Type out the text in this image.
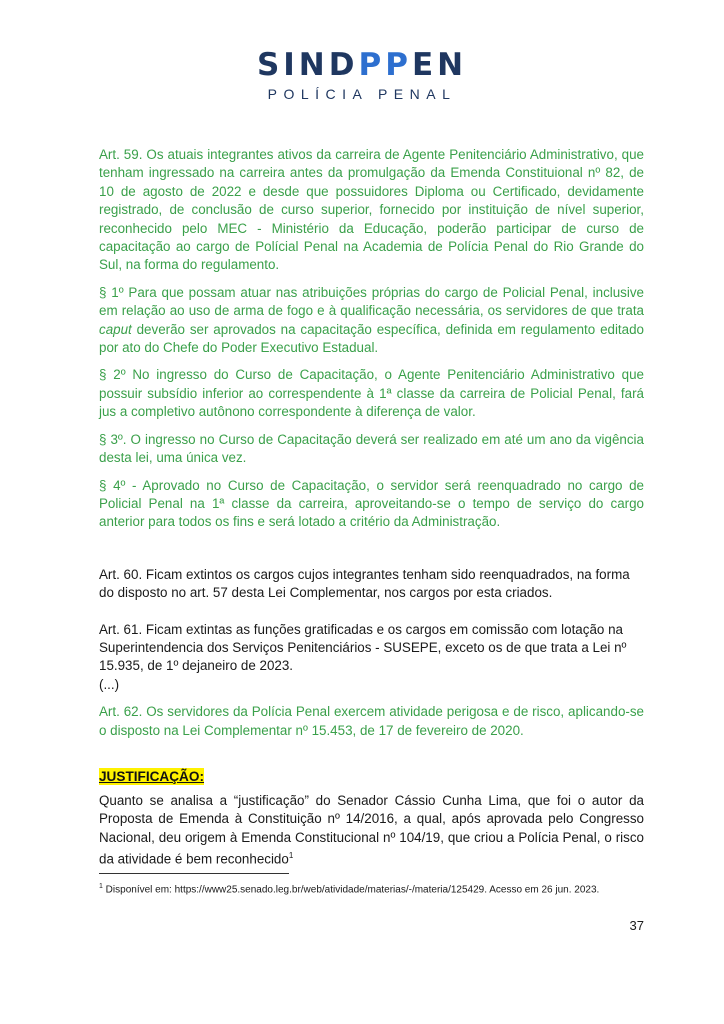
SINDPPEN
POLÍCIA PENAL

Art. 59. Os atuais integrantes ativos da carreira de Agente Penitenciário Administrativo, que tenham ingressado na carreira antes da promulgação da Emenda Constituional nº 82, de 10 de agosto de 2022 e desde que possuidores Diploma ou Certificado, devidamente registrado, de conclusão de curso superior, fornecido por instituição de nível superior, reconhecido pelo MEC - Ministério da Educação, poderão participar de curso de capacitação ao cargo de Polícial Penal na Academia de Polícia Penal do Rio Grande do Sul, na forma do regulamento.

§ 1º Para que possam atuar nas atribuições próprias do cargo de Policial Penal, inclusive em relação ao uso de arma de fogo e à qualificação necessária, os servidores de que trata caput deverão ser aprovados na capacitação específica, definida em regulamento editado por ato do Chefe do Poder Executivo Estadual.

§ 2º No ingresso do Curso de Capacitação, o Agente Penitenciário Administrativo que possuir subsídio inferior ao correspendente à 1ª classe da carreira de Policial Penal, fará jus a completivo autônono correspondente à diferença de valor.

§ 3º. O ingresso no Curso de Capacitação deverá ser realizado em até um ano da vigência desta lei, uma única vez.

§ 4º - Aprovado no Curso de Capacitação, o servidor será reenquadrado no cargo de Policial Penal na 1ª classe da carreira, aproveitando-se o tempo de serviço do cargo anterior para todos os fins e será lotado a critério da Administração.

Art. 60. Ficam extintos os cargos cujos integrantes tenham sido reenquadrados, na forma do disposto no art. 57 desta Lei Complementar, nos cargos por esta criados.

Art. 61. Ficam extintas as funções gratificadas e os cargos em comissão com lotação na Superintendencia dos Serviços Penitenciários - SUSEPE, exceto os de que trata a Lei nº 15.935, de 1º dejaneiro de 2023.

(...)

Art. 62. Os servidores da Polícia Penal exercem atividade perigosa e de risco, aplicando-se o disposto na Lei Complementar nº 15.453, de 17 de fevereiro de 2020.

JUSTIFICAÇÃO:

Quanto se analisa a “justificação” do Senador Cássio Cunha Lima, que foi o autor da Proposta de Emenda à Constituição nº 14/2016, a qual, após aprovada pelo Congresso Nacional, deu origem à Emenda Constitucional nº 104/19, que criou a Polícia Penal, o risco da atividade é bem reconhecido$^1$

$^1$ Disponível em: https://www25.senado.leg.br/web/atividade/materias/-/materia/125429. Acesso em 26 jun. 2023.
37
